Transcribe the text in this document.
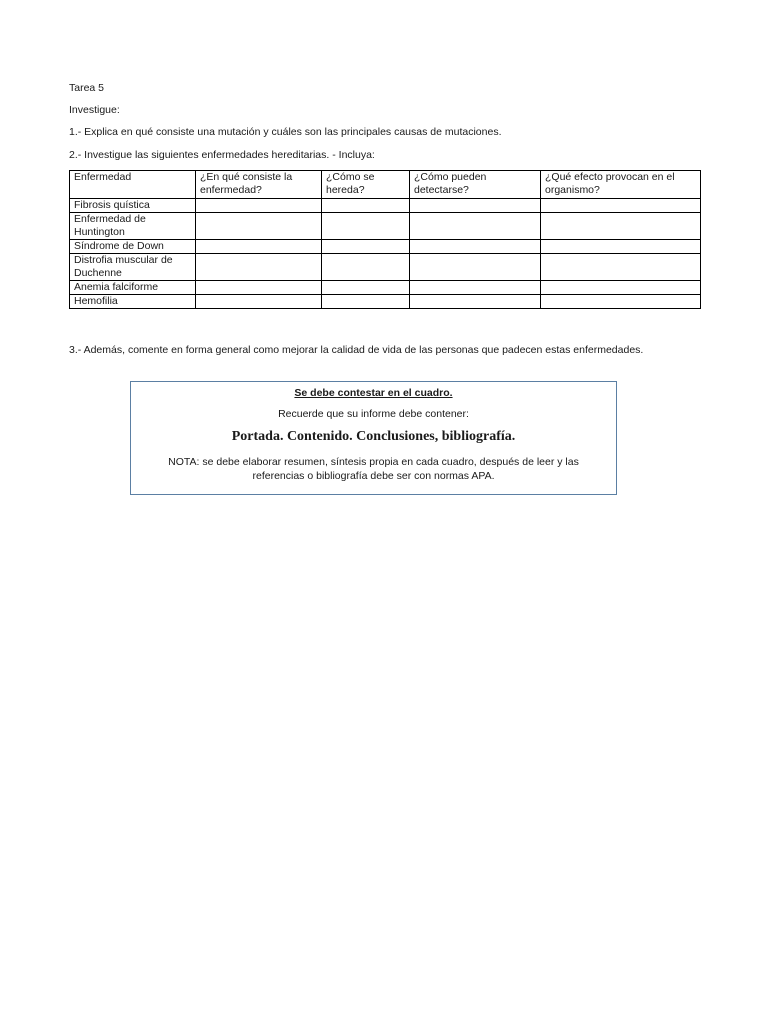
Tarea 5

Investigue:

1.- Explica en qué consiste una mutación y cuáles son las principales causas de mutaciones.

2.- Investigue las siguientes enfermedades hereditarias. - Incluya:

Enfermedad	¿En qué consiste la enfermedad?	¿Cómo se hereda?	¿Cómo pueden detectarse?	¿Qué efecto provocan en el organismo?
Fibrosis quística				
Enfermedad de Huntington				
Síndrome de Down				
Distrofia muscular de Duchenne				
Anemia falciforme				
Hemofilia				

3.- Además, comente en forma general como mejorar la calidad de vida de las personas que padecen estas enfermedades.

Se debe contestar en el cuadro.
Recuerde que su informe debe contener:
Portada. Contenido. Conclusiones, bibliografía.
NOTA: se debe elaborar resumen, síntesis propia en cada cuadro, después de leer y las referencias o bibliografía debe ser con normas APA.
